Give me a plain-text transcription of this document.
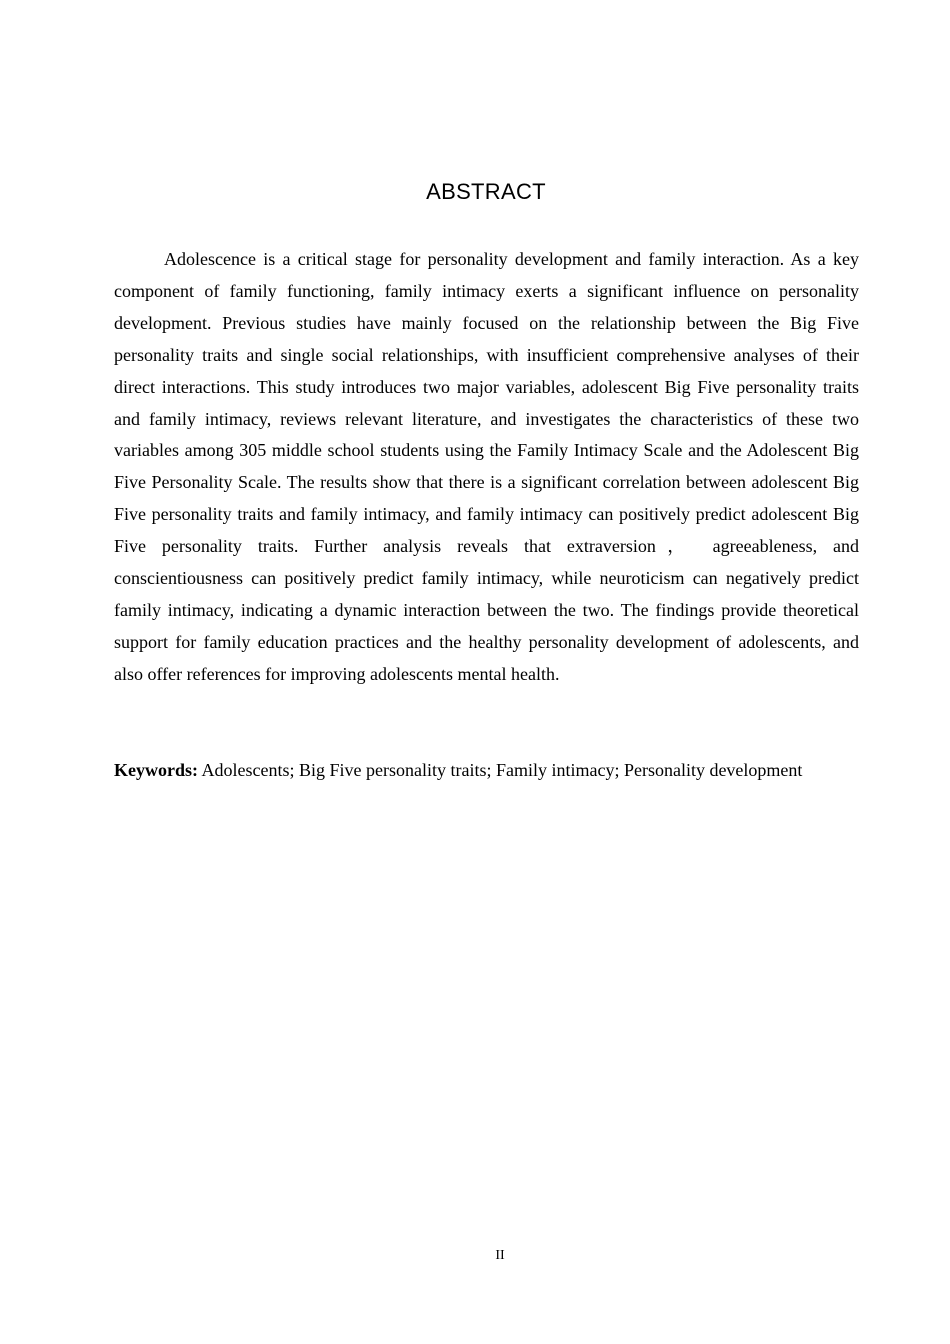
ABSTRACT

Adolescence is a critical stage for personality development and family interaction. As a key component of family functioning, family intimacy exerts a significant influence on personality development. Previous studies have mainly focused on the relationship between the Big Five personality traits and single social relationships, with insufficient comprehensive analyses of their direct interactions. This study introduces two major variables, adolescent Big Five personality traits and family intimacy, reviews relevant literature, and investigates the characteristics of these two variables among 305 middle school students using the Family Intimacy Scale and the Adolescent Big Five Personality Scale. The results show that there is a significant correlation between adolescent Big Five personality traits and family intimacy, and family intimacy can positively predict adolescent Big Five personality traits. Further analysis reveals that extraversion， agreeableness, and conscientiousness can positively predict family intimacy, while neuroticism can negatively predict family intimacy, indicating a dynamic interaction between the two. The findings provide theoretical support for family education practices and the healthy personality development of adolescents, and also offer references for improving adolescents mental health.

Keywords: Adolescents; Big Five personality traits; Family intimacy; Personality development

II
